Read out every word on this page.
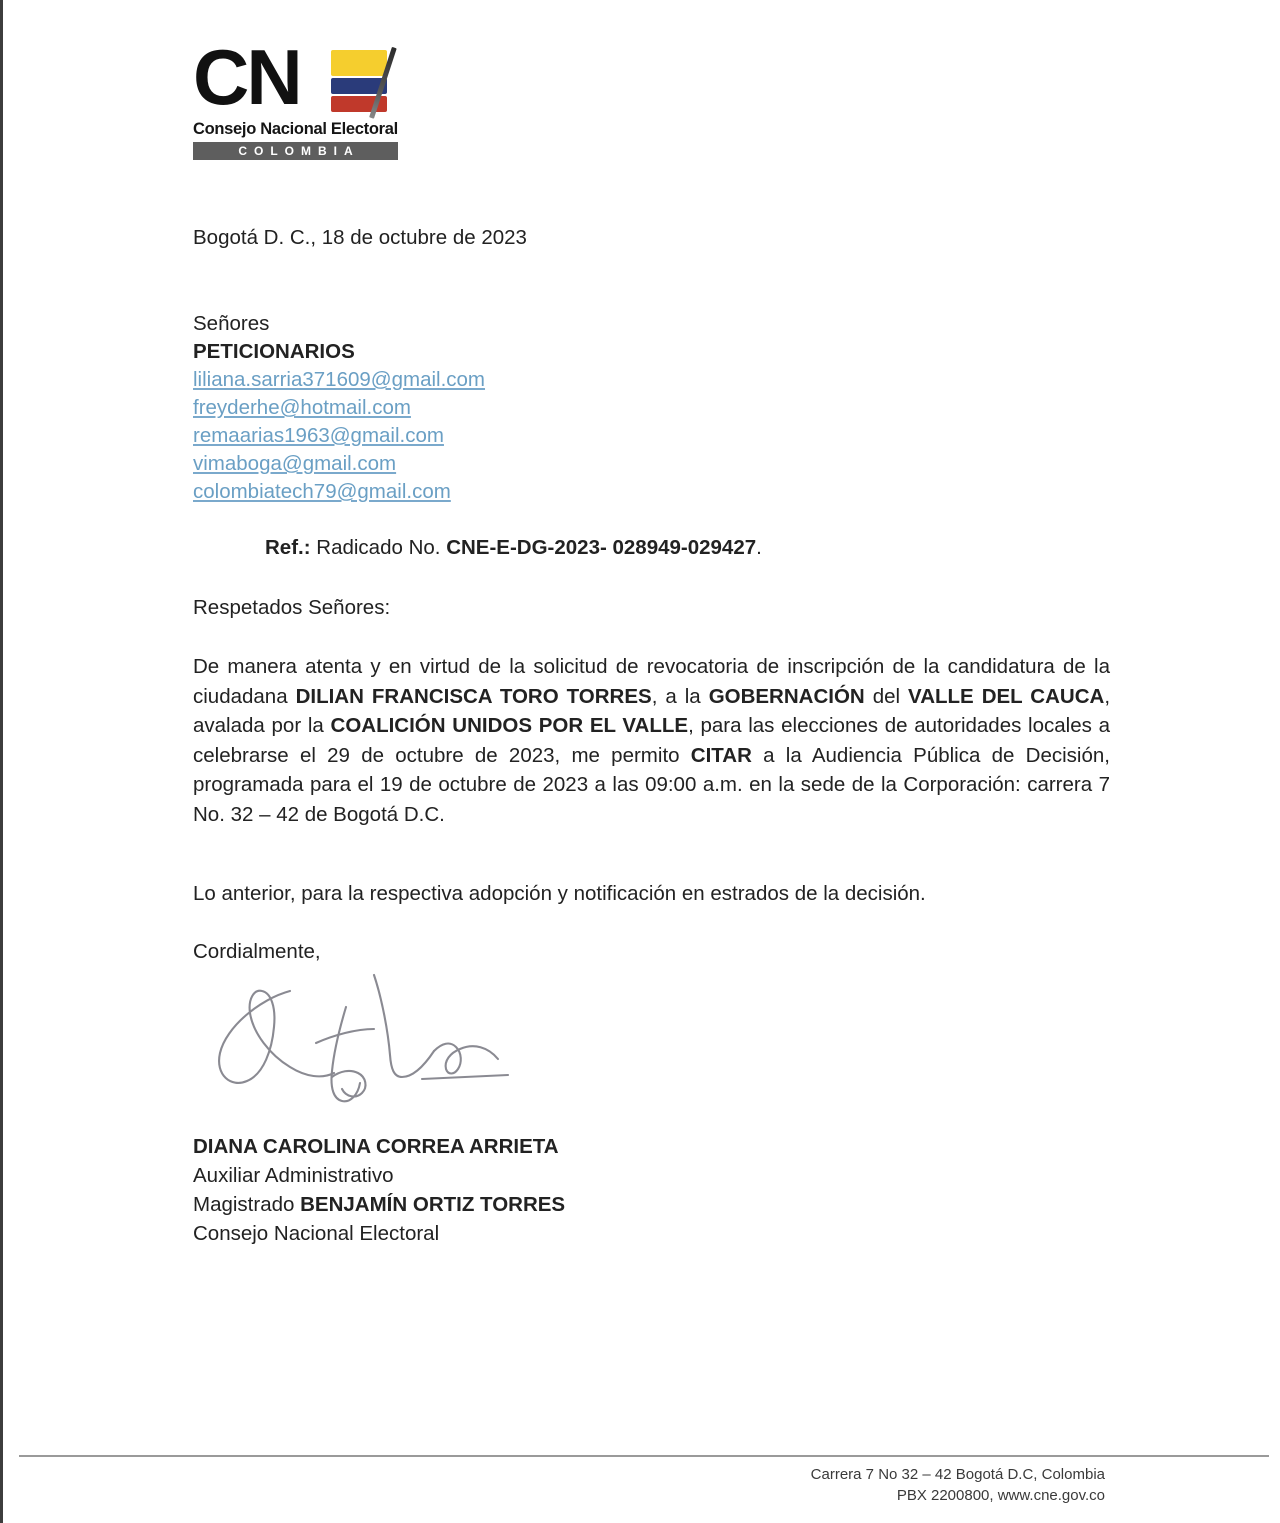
CN
Consejo Nacional Electoral
COLOMBIA
Bogotá D. C., 18 de octubre de 2023
Señores
PETICIONARIOS
liliana.sarria371609@gmail.com
freyderhe@hotmail.com
remaarias1963@gmail.com
vimaboga@gmail.com
colombiatech79@gmail.com
Ref.: Radicado No. CNE-E-DG-2023- 028949-029427.
Respetados Señores:
De manera atenta y en virtud de la solicitud de revocatoria de inscripción de la candidatura de la ciudadana DILIAN FRANCISCA TORO TORRES, a la GOBERNACIÓN del VALLE DEL CAUCA, avalada por la COALICIÓN UNIDOS POR EL VALLE, para las elecciones de autoridades locales a celebrarse el 29 de octubre de 2023, me permito CITAR a la Audiencia Pública de Decisión, programada para el 19 de octubre de 2023 a las 09:00 a.m. en la sede de la Corporación: carrera 7 No. 32 – 42 de Bogotá D.C.
Lo anterior, para la respectiva adopción y notificación en estrados de la decisión.
Cordialmente,
DIANA CAROLINA CORREA ARRIETA
Auxiliar Administrativo
Magistrado BENJAMÍN ORTIZ TORRES
Consejo Nacional Electoral
Carrera 7 No 32 – 42 Bogotá D.C, Colombia
PBX 2200800, www.cne.gov.co
